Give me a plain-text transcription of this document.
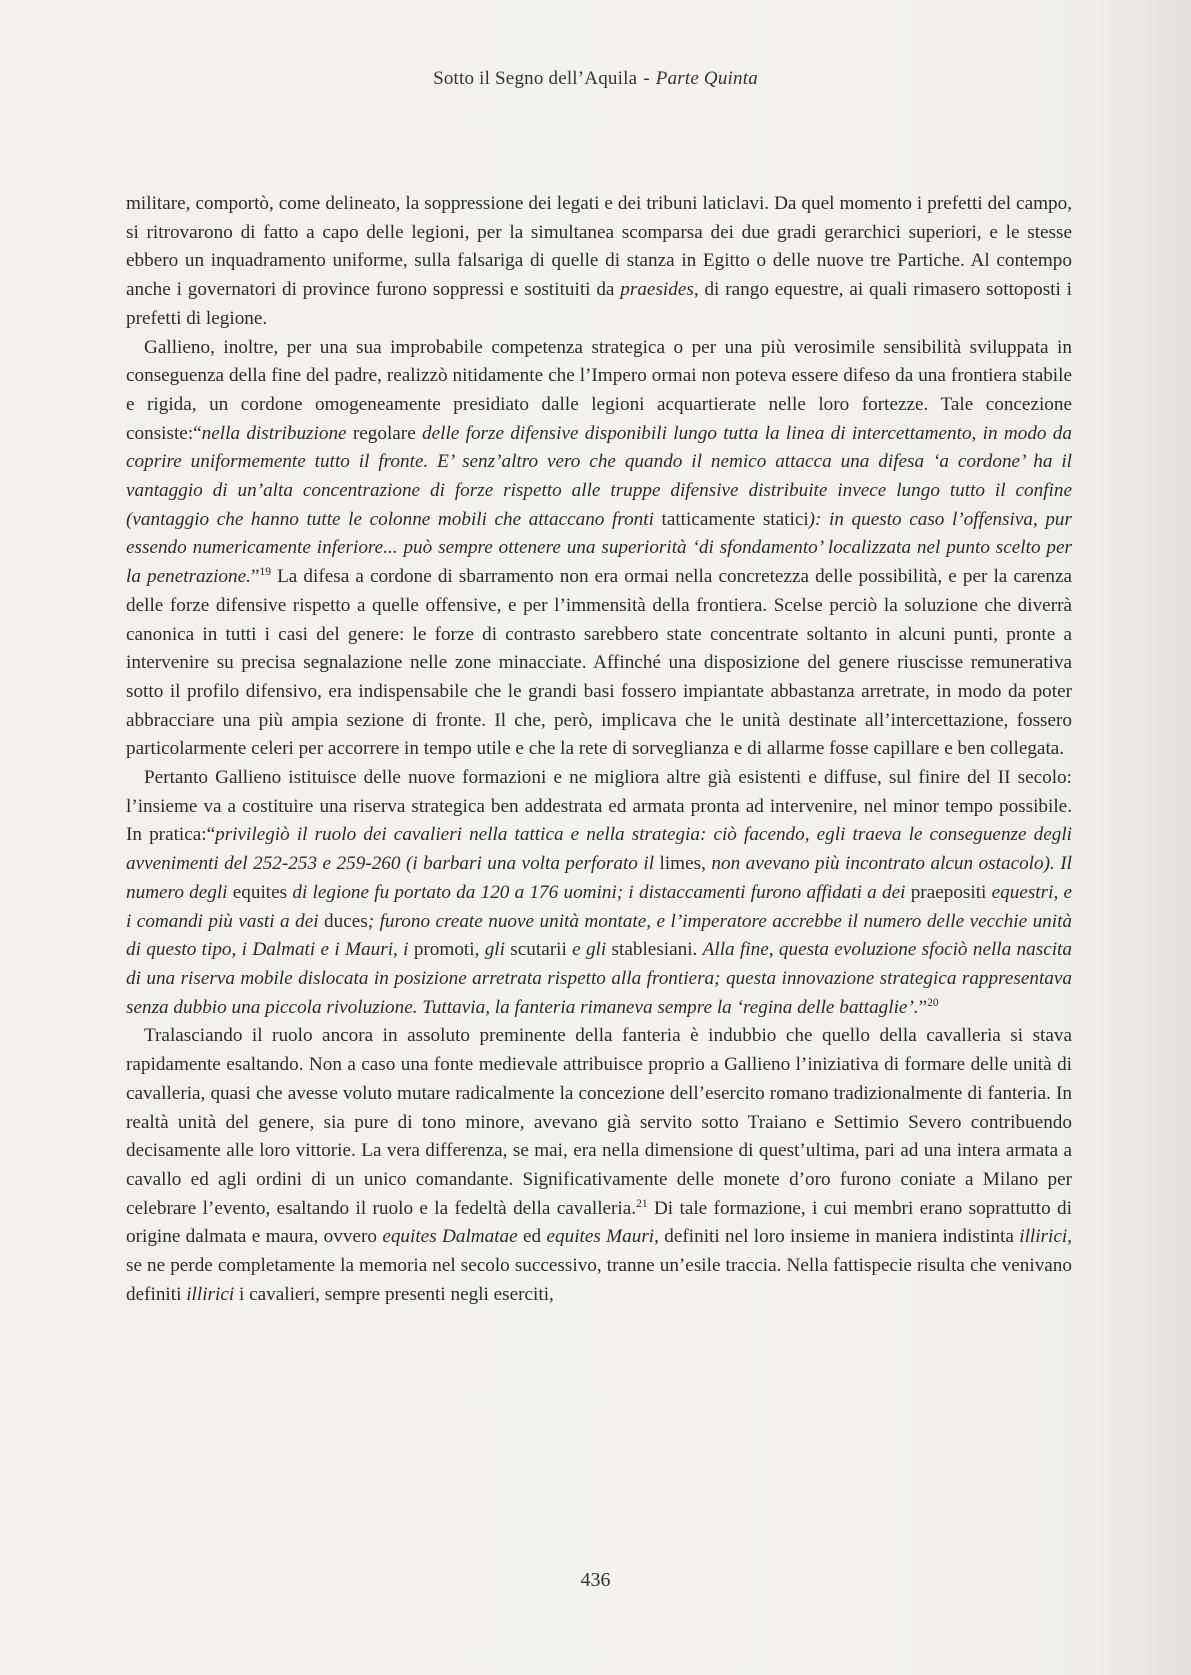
Sotto il Segno dell’Aquila - Parte Quinta

militare, comportò, come delineato, la soppressione dei legati e dei tribuni laticlavi. Da quel momento i prefetti del campo, si ritrovarono di fatto a capo delle legioni, per la simultanea scomparsa dei due gradi gerarchici superiori, e le stesse ebbero un inquadramento uniforme, sulla falsariga di quelle di stanza in Egitto o delle nuove tre Partiche. Al contempo anche i governatori di province furono soppressi e sostituiti da praesides, di rango equestre, ai quali rimasero sottoposti i prefetti di legione.

Gallieno, inoltre, per una sua improbabile competenza strategica o per una più verosimile sensibilità sviluppata in conseguenza della fine del padre, realizzò nitidamente che l’Impero ormai non poteva essere difeso da una frontiera stabile e rigida, un cordone omogeneamente presidiato dalle legioni acquartierate nelle loro fortezze. Tale concezione consiste:“nella distribuzione regolare delle forze difensive disponibili lungo tutta la linea di intercettamento, in modo da coprire uniformemente tutto il fronte. E’ senz’altro vero che quando il nemico attacca una difesa ‘a cordone’ ha il vantaggio di un’alta concentrazione di forze rispetto alle truppe difensive distribuite invece lungo tutto il confine (vantaggio che hanno tutte le colonne mobili che attaccano fronti tatticamente statici): in questo caso l’offensiva, pur essendo numericamente inferiore... può sempre ottenere una superiorità ‘di sfondamento’ localizzata nel punto scelto per la penetrazione.”$^{19}$ La difesa a cordone di sbarramento non era ormai nella concretezza delle possibilità, e per la carenza delle forze difensive rispetto a quelle offensive, e per l’immensità della frontiera. Scelse perciò la soluzione che diverrà canonica in tutti i casi del genere: le forze di contrasto sarebbero state concentrate soltanto in alcuni punti, pronte a intervenire su precisa segnalazione nelle zone minacciate. Affinché una disposizione del genere riuscisse remunerativa sotto il profilo difensivo, era indispensabile che le grandi basi fossero impiantate abbastanza arretrate, in modo da poter abbracciare una più ampia sezione di fronte. Il che, però, implicava che le unità destinate all’intercettazione, fossero particolarmente celeri per accorrere in tempo utile e che la rete di sorveglianza e di allarme fosse capillare e ben collegata.

Pertanto Gallieno istituisce delle nuove formazioni e ne migliora altre già esistenti e diffuse, sul finire del II secolo: l’insieme va a costituire una riserva strategica ben addestrata ed armata pronta ad intervenire, nel minor tempo possibile. In pratica:“privilegiò il ruolo dei cavalieri nella tattica e nella strategia: ciò facendo, egli traeva le conseguenze degli avvenimenti del 252-253 e 259-260 (i barbari una volta perforato il limes, non avevano più incontrato alcun ostacolo). Il numero degli equites di legione fu portato da 120 a 176 uomini; i distaccamenti furono affidati a dei praepositi equestri, e i comandi più vasti a dei duces; furono create nuove unità montate, e l’imperatore accrebbe il numero delle vecchie unità di questo tipo, i Dalmati e i Mauri, i promoti, gli scutarii e gli stablesiani. Alla fine, questa evoluzione sfociò nella nascita di una riserva mobile dislocata in posizione arretrata rispetto alla frontiera; questa innovazione strategica rappresentava senza dubbio una piccola rivoluzione. Tuttavia, la fanteria rimaneva sempre la ‘regina delle battaglie’.”$^{20}$

Tralasciando il ruolo ancora in assoluto preminente della fanteria è indubbio che quello della cavalleria si stava rapidamente esaltando. Non a caso una fonte medievale attribuisce proprio a Gallieno l’iniziativa di formare delle unità di cavalleria, quasi che avesse voluto mutare radicalmente la concezione dell’esercito romano tradizionalmente di fanteria. In realtà unità del genere, sia pure di tono minore, avevano già servito sotto Traiano e Settimio Severo contribuendo decisamente alle loro vittorie. La vera differenza, se mai, era nella dimensione di quest’ultima, pari ad una intera armata a cavallo ed agli ordini di un unico comandante. Significativamente delle monete d’oro furono coniate a Milano per celebrare l’evento, esaltando il ruolo e la fedeltà della cavalleria.$^{21}$ Di tale formazione, i cui membri erano soprattutto di origine dalmata e maura, ovvero equites Dalmatae ed equites Mauri, definiti nel loro insieme in maniera indistinta illirici, se ne perde completamente la memoria nel secolo successivo, tranne un’esile traccia. Nella fattispecie risulta che venivano definiti illirici i cavalieri, sempre presenti negli eserciti,

436
